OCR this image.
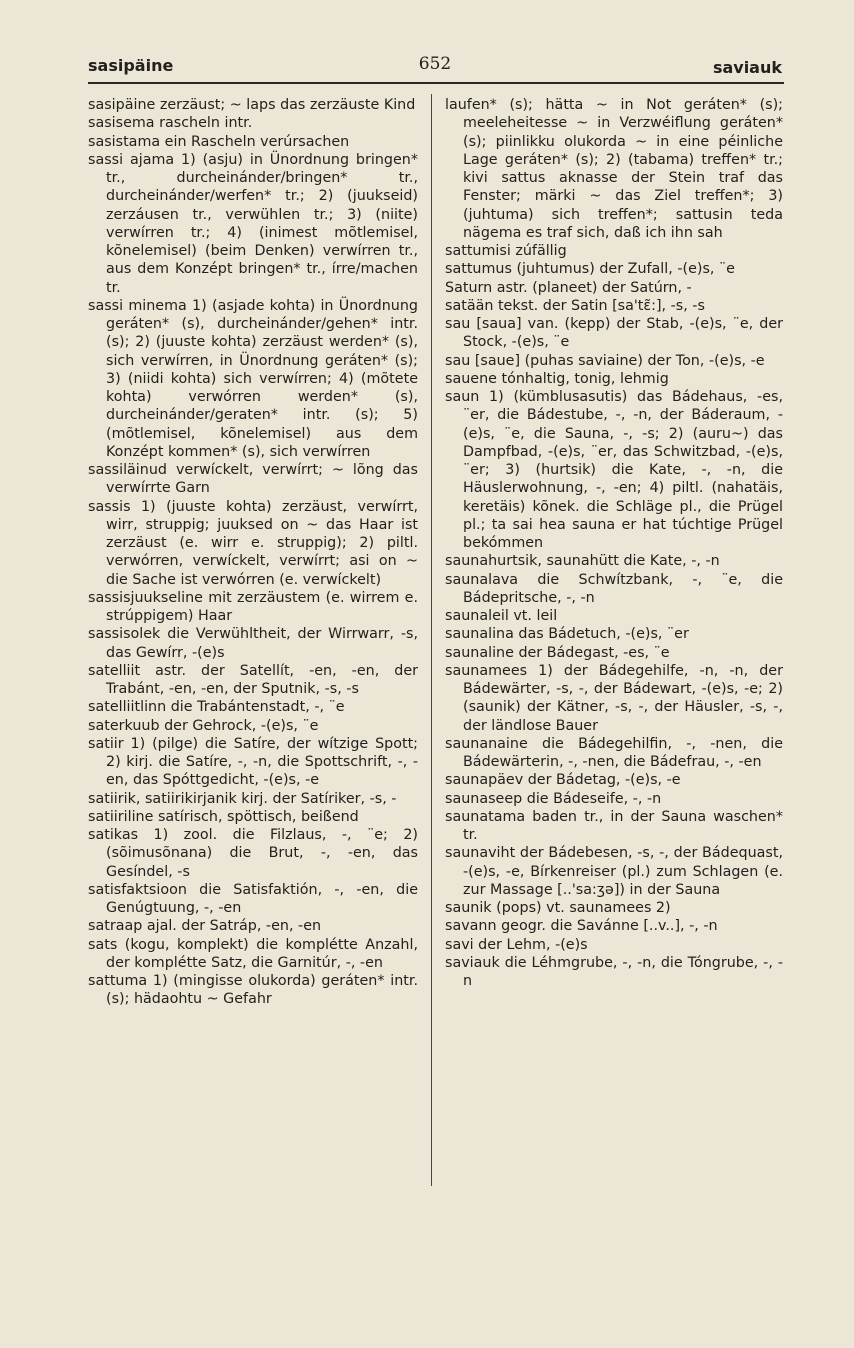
sasipäine	652	saviauk

sasipäine zerzäust; ~ laps das zerzäuste Kind

sasisema rascheln intr.

sasistama ein Rascheln verúrsachen

sassi ajama 1) (asju) in Ünordnung bringen* tr., durcheinánder/bringen* tr., durcheinánder/werfen* tr.; 2) (juukseid) zerzáusen tr., verwühlen tr.; 3) (niite) verwírren tr.; 4) (inimest mõtlemisel, kõnelemisel) (beim Denken) verwírren tr., aus dem Konzépt bringen* tr., írre/machen tr.

sassi minema 1) (asjade kohta) in Ünordnung geráten* (s), durcheinánder/gehen* intr. (s); 2) (juuste kohta) zerzäust werden* (s), sich verwírren, in Ünordnung geráten* (s); 3) (niidi kohta) sich verwírren; 4) (mõtete kohta) verwórren werden* (s), durcheinánder/geraten* intr. (s); 5) (mõtlemisel, kõnelemisel) aus dem Konzépt kommen* (s), sich verwírren

sassiläinud verwíckelt, verwírrt; ~ lõng das verwírrte Garn

sassis 1) (juuste kohta) zerzäust, verwírrt, wirr, struppig; juuksed on ~ das Haar ist zerzäust (e. wirr e. struppig); 2) piltl. verwórren, verwíckelt, verwírrt; asi on ~ die Sache ist verwórren (e. verwíckelt)

sassisjuukseline mit zerzäustem (e. wirrem e. strúppigem) Haar

sassisolek die Verwühltheit, der Wirrwarr, -s, das Gewírr, -(e)s

satelliit astr. der Satellít, -en, -en, der Trabánt, -en, -en, der Sputnik, -s, -s

satelliitlinn die Trabántenstadt, -, ¨e

saterkuub der Gehrock, -(e)s, ¨e

satiir 1) (pilge) die Satíre, der wítzige Spott; 2) kirj. die Satíre, -, -n, die Spottschrift, -, -en, das Spóttgedicht, -(e)s, -e

satiirik, satiirikirjanik kirj. der Satíriker, -s, -

satiiriline satírisch, spöttisch, beißend

satikas 1) zool. die Filzlaus, -, ¨e; 2) (sõimusõnana) die Brut, -, -en, das Gesíndel, -s

satisfaktsioon die Satisfaktión, -, -en, die Genúgtuung, -, -en

satraap ajal. der Satráp, -en, -en

sats (kogu, komplekt) die komplétte Anzahl, der komplétte Satz, die Garnitúr, -, -en

sattuma 1) (mingisse olukorda) geráten* intr. (s); hädaohtu ~ Gefahr

laufen* (s); hätta ~ in Not geráten* (s); meeleheitesse ~ in Verzwéiflung geráten* (s); piinlikku olukorda ~ in eine péinliche Lage geráten* (s); 2) (tabama) treffen* tr.; kivi sattus aknasse der Stein traf das Fenster; märki ~ das Ziel treffen*; 3) (juhtuma) sich treffen*; sattusin teda nägema es traf sich, daß ich ihn sah

sattumisi zúfällig

sattumus (juhtumus) der Zufall, -(e)s, ¨e

Saturn astr. (planeet) der Satúrn, -

satään tekst. der Satin [sa'tɛ̃:], -s, -s

sau [saua] van. (kepp) der Stab, -(e)s, ¨e, der Stock, -(e)s, ¨e

sau [saue] (puhas saviaine) der Ton, -(e)s, -e

sauene tónhaltig, tonig, lehmig

saun 1) (kümblusasutis) das Bádehaus, -es, ¨er, die Bádestube, -, -n, der Báderaum, -(e)s, ¨e, die Sauna, -, -s; 2) (auru~) das Dampfbad, -(e)s, ¨er, das Schwitzbad, -(e)s, ¨er; 3) (hurtsik) die Kate, -, -n, die Häuslerwohnung, -, -en; 4) piltl. (nahatäis, keretäis) kõnek. die Schläge pl., die Prügel pl.; ta sai hea sauna er hat túchtige Prügel bekómmen

saunahurtsik, saunahütt die Kate, -, -n

saunalava die Schwítzbank, -, ¨e, die Bádepritsche, -, -n

saunaleil vt. leil

saunalina das Bádetuch, -(e)s, ¨er

saunaline der Bádegast, -es, ¨e

saunamees 1) der Bádegehilfe, -n, -n, der Bádewärter, -s, -, der Bádewart, -(e)s, -e; 2) (saunik) der Kätner, -s, -, der Häusler, -s, -, der ländlose Bauer

saunanaine die Bádegehilfin, -, -nen, die Bádewärterin, -, -nen, die Bádefrau, -, -en

saunapäev der Bádetag, -(e)s, -e

saunaseep die Bádeseife, -, -n

saunatama baden tr., in der Sauna waschen* tr.

saunaviht der Bádebesen, -s, -, der Bádequast, -(e)s, -e, Bírkenreiser (pl.) zum Schlagen (e. zur Massage [..'sa:ʒə]) in der Sauna

saunik (pops) vt. saunamees 2)

savann geogr. die Savánne [..v..], -, -n

savi der Lehm, -(e)s

saviauk die Léhmgrube, -, -n, die Tóngrube, -, -n
